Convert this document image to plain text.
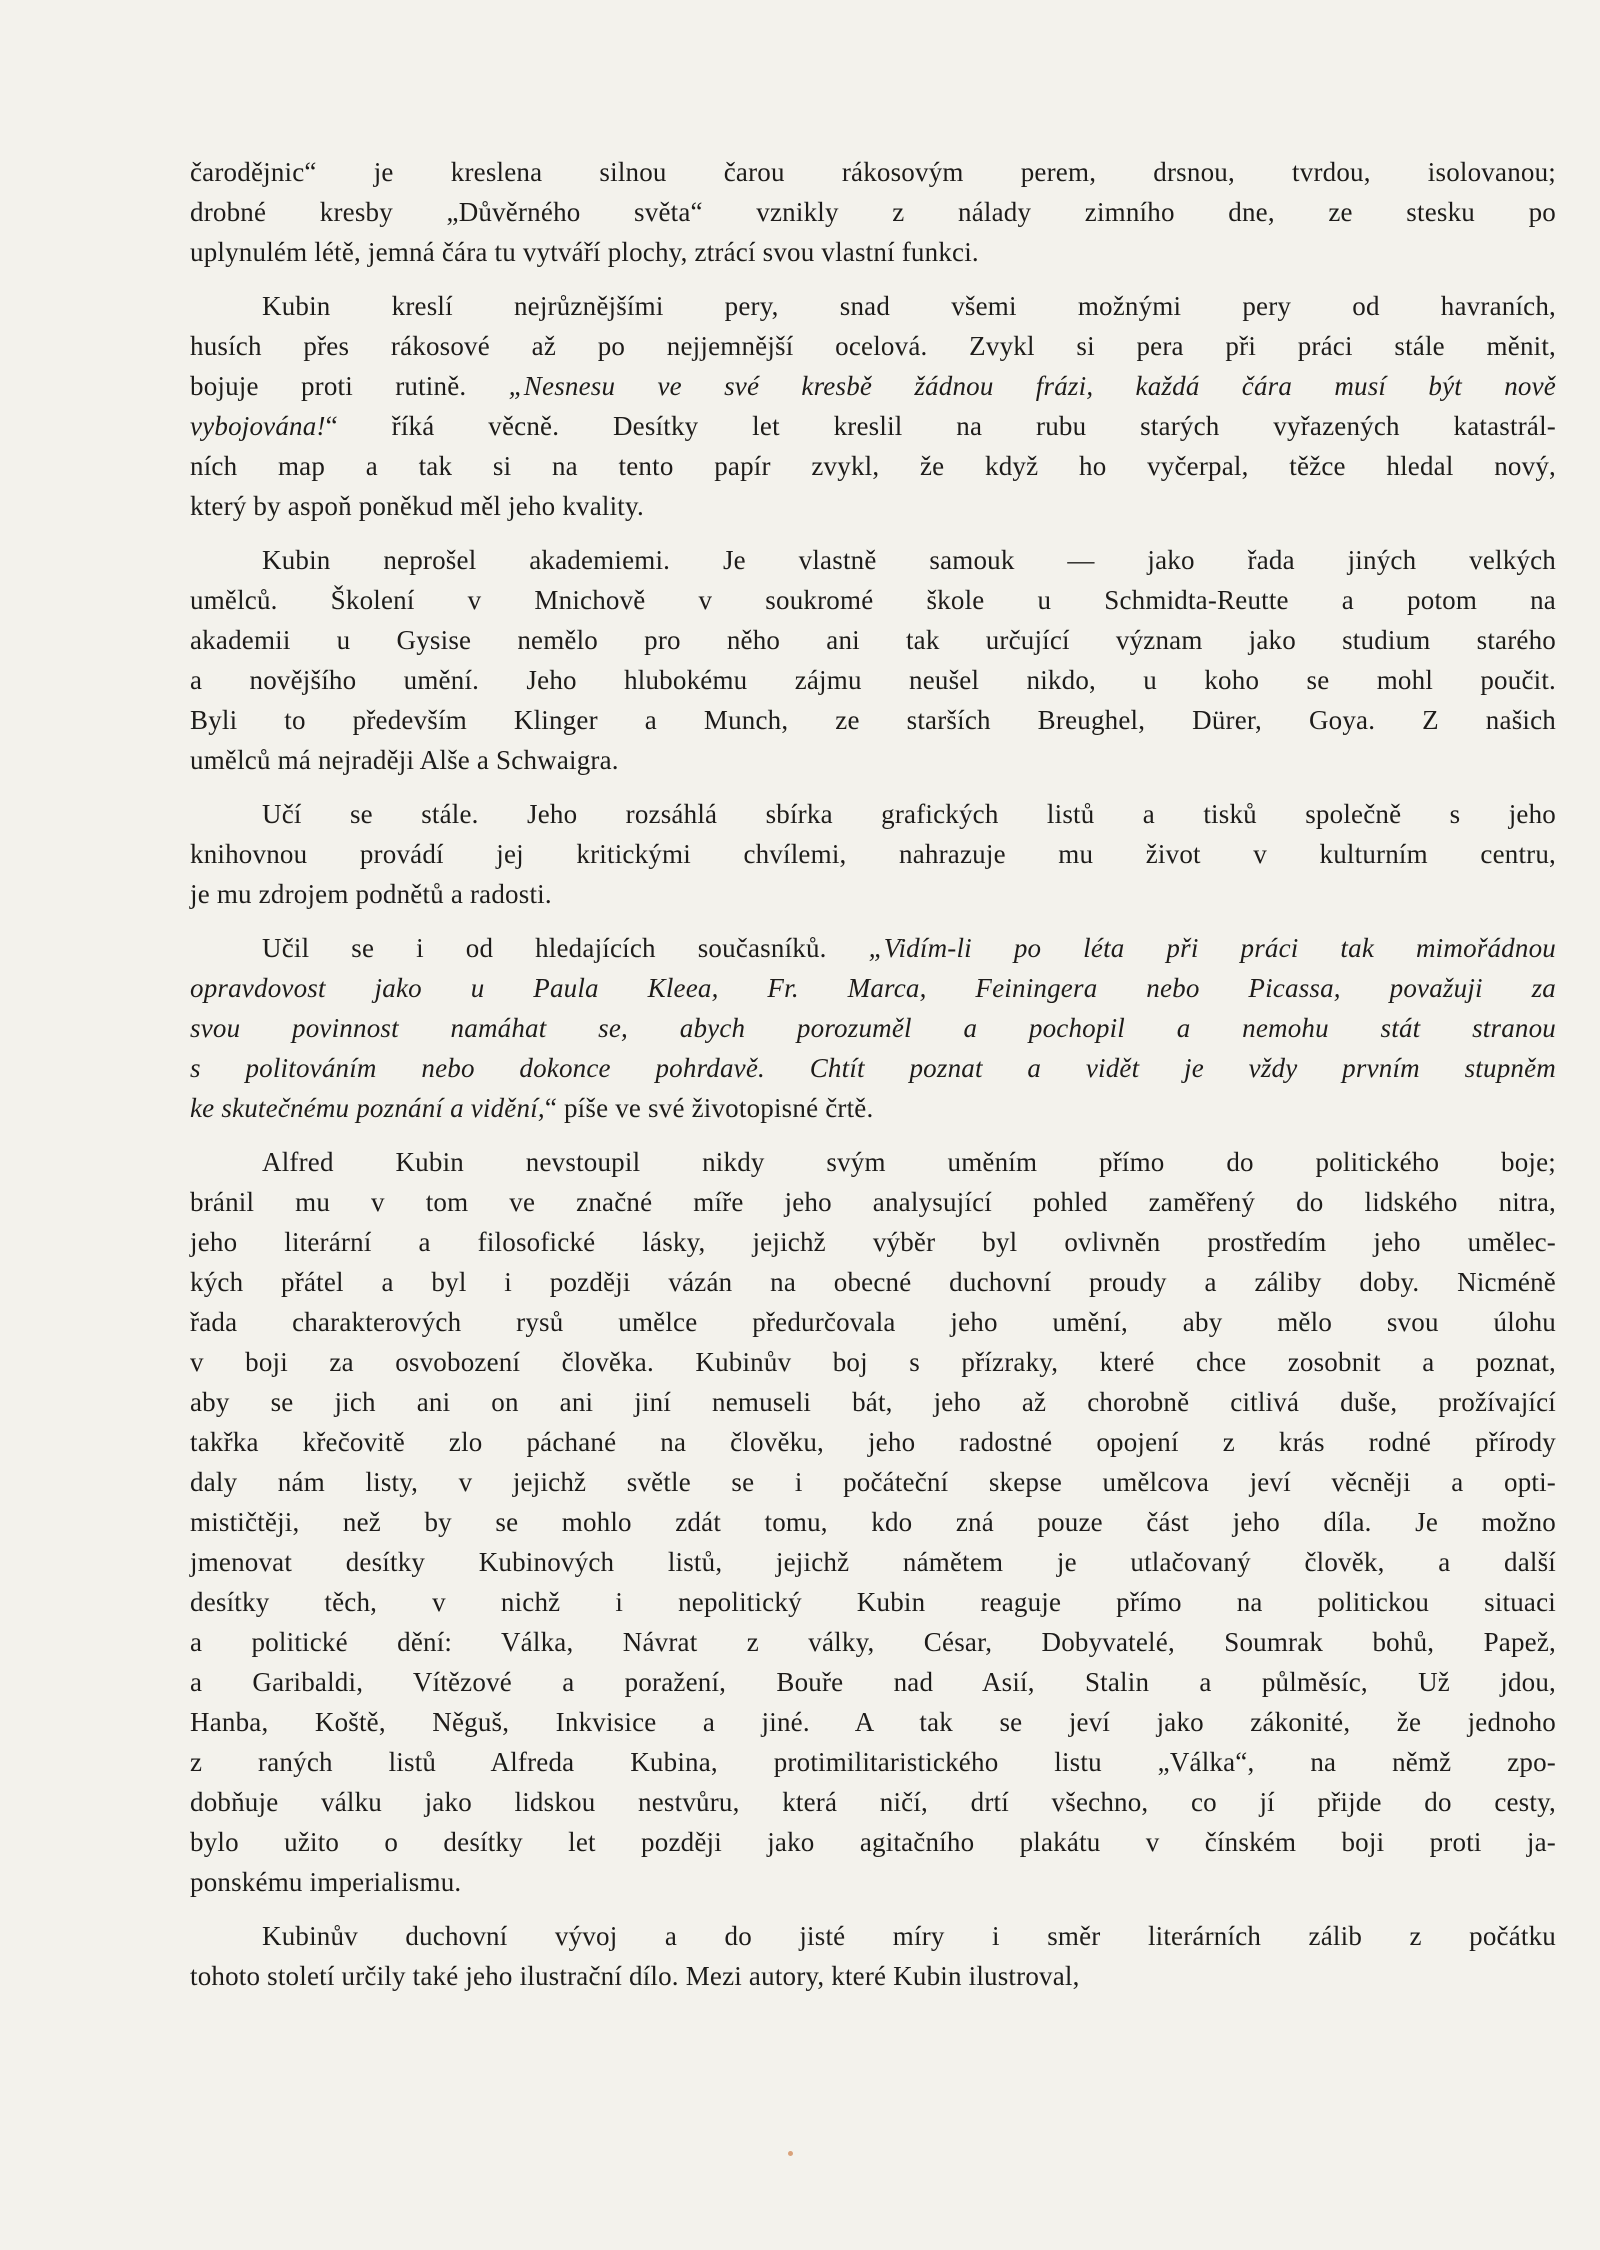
čarodějnic“ je kreslena silnou čarou rákosovým perem, drsnou, tvrdou, isolovanou;
drobné kresby „Důvěrného světa“ vznikly z nálady zimního dne, ze stesku po
uplynulém létě, jemná čára tu vytváří plochy, ztrácí svou vlastní funkci.
Kubin kreslí nejrůznějšími pery, snad všemi možnými pery od havraních,
husích přes rákosové až po nejjemnější ocelová. Zvykl si pera při práci stále měnit,
bojuje proti rutině. „Nesnesu ve své kresbě žádnou frázi, každá čára musí být nově
vybojována!“ říká věcně. Desítky let kreslil na rubu starých vyřazených katastrál-
ních map a tak si na tento papír zvykl, že když ho vyčerpal, těžce hledal nový,
který by aspoň poněkud měl jeho kvality.
Kubin neprošel akademiemi. Je vlastně samouk — jako řada jiných velkých
umělců. Školení v Mnichově v soukromé škole u Schmidta-Reutte a potom na
akademii u Gysise nemělo pro něho ani tak určující význam jako studium starého
a novějšího umění. Jeho hlubokému zájmu neušel nikdo, u koho se mohl poučit.
Byli to především Klinger a Munch, ze starších Breughel, Dürer, Goya. Z našich
umělců má nejraději Alše a Schwaigra.
Učí se stále. Jeho rozsáhlá sbírka grafických listů a tisků společně s jeho
knihovnou provádí jej kritickými chvílemi, nahrazuje mu život v kulturním centru,
je mu zdrojem podnětů a radosti.
Učil se i od hledajících současníků. „Vidím-li po léta při práci tak mimořádnou
opravdovost jako u Paula Kleea, Fr. Marca, Feiningera nebo Picassa, považuji za
svou povinnost namáhat se, abych porozuměl a pochopil a nemohu stát stranou
s politováním nebo dokonce pohrdavě. Chtít poznat a vidět je vždy prvním stupněm
ke skutečnému poznání a vidění,“ píše ve své životopisné črtě.
Alfred Kubin nevstoupil nikdy svým uměním přímo do politického boje;
bránil mu v tom ve značné míře jeho analysující pohled zaměřený do lidského nitra,
jeho literární a filosofické lásky, jejichž výběr byl ovlivněn prostředím jeho umělec-
kých přátel a byl i později vázán na obecné duchovní proudy a záliby doby. Nicméně
řada charakterových rysů umělce předurčovala jeho umění, aby mělo svou úlohu
v boji za osvobození člověka. Kubinův boj s přízraky, které chce zosobnit a poznat,
aby se jich ani on ani jiní nemuseli bát, jeho až chorobně citlivá duše, prožívající
takřka křečovitě zlo páchané na člověku, jeho radostné opojení z krás rodné přírody
daly nám listy, v jejichž světle se i počáteční skepse umělcova jeví věcněji a opti-
mističtěji, než by se mohlo zdát tomu, kdo zná pouze část jeho díla. Je možno
jmenovat desítky Kubinových listů, jejichž námětem je utlačovaný člověk, a další
desítky těch, v nichž i nepolitický Kubin reaguje přímo na politickou situaci
a politické dění: Válka, Návrat z války, César, Dobyvatelé, Soumrak bohů, Papež,
a Garibaldi, Vítězové a poražení, Bouře nad Asií, Stalin a půlměsíc, Už jdou,
Hanba, Koště, Něguš, Inkvisice a jiné. A tak se jeví jako zákonité, že jednoho
z raných listů Alfreda Kubina, protimilitaristického listu „Válka“, na němž zpo-
dobňuje válku jako lidskou nestvůru, která ničí, drtí všechno, co jí přijde do cesty,
bylo užito o desítky let později jako agitačního plakátu v čínském boji proti ja-
ponskému imperialismu.
Kubinův duchovní vývoj a do jisté míry i směr literárních zálib z počátku
tohoto století určily také jeho ilustrační dílo. Mezi autory, které Kubin ilustroval,
